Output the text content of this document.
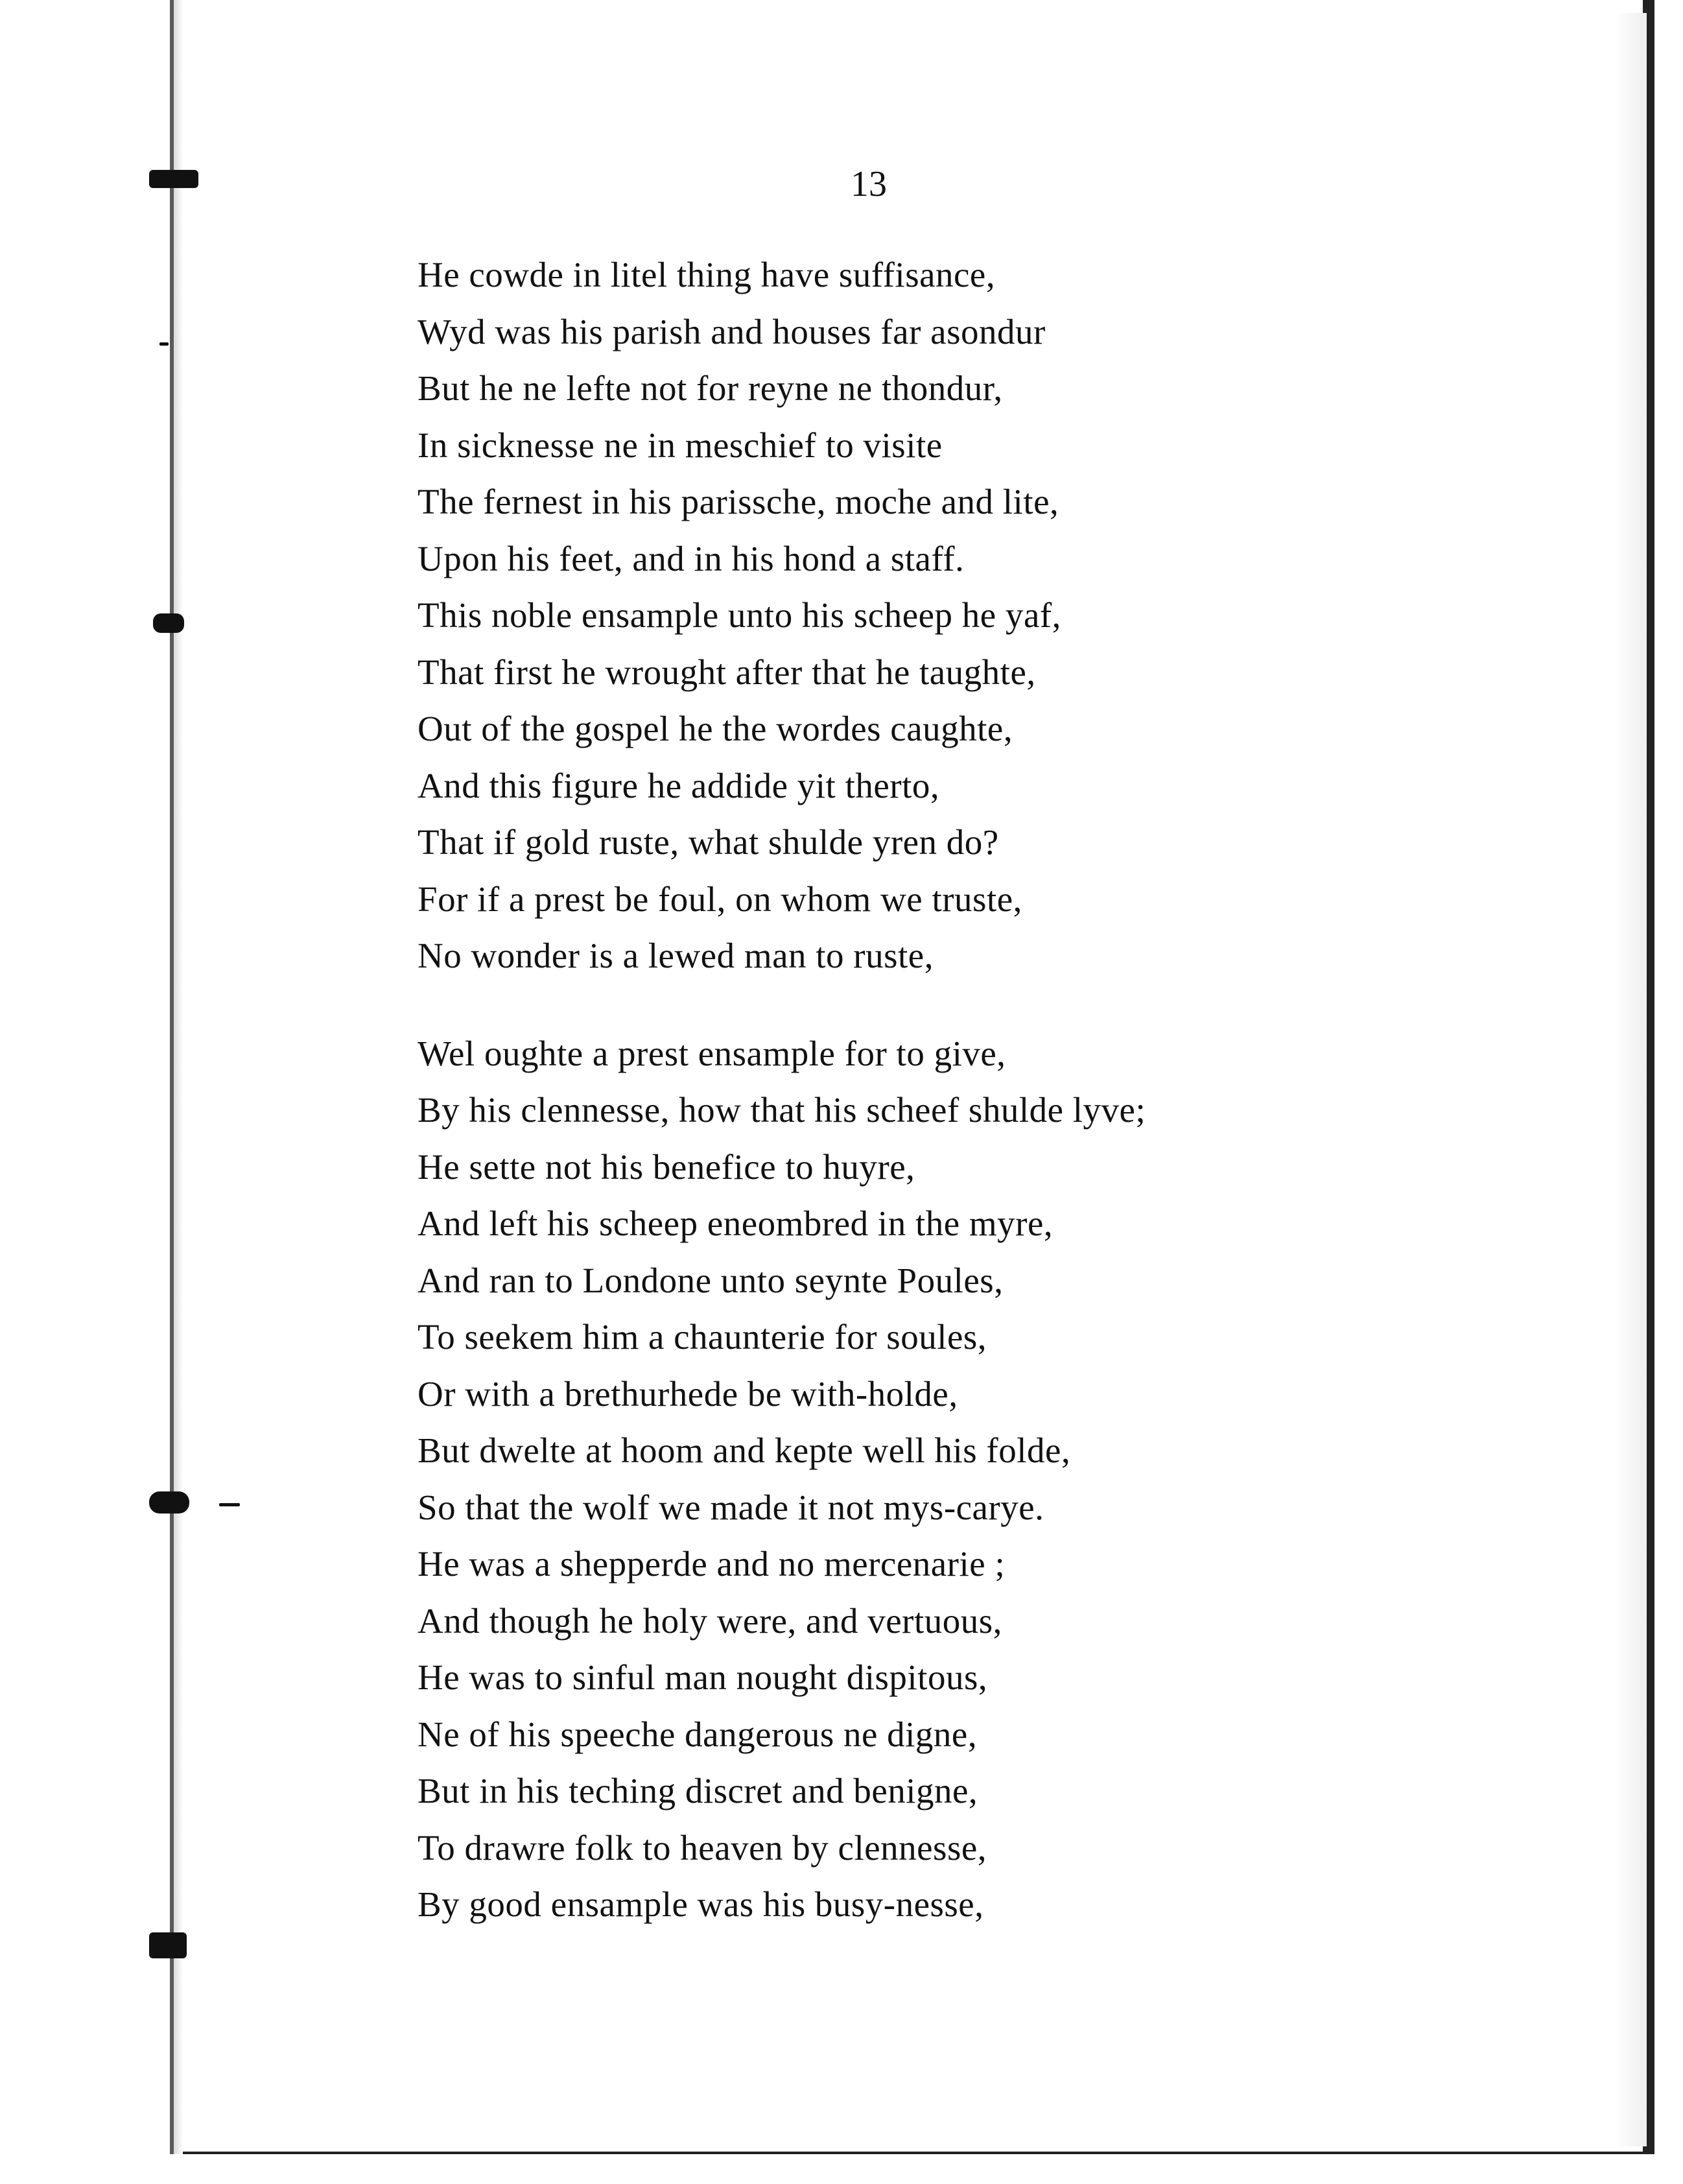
13

He cowde in litel thing have suffisance,
Wyd was his parish and houses far asondur
But he ne lefte not for reyne ne thondur,
In sicknesse ne in meschief to visite
The fernest in his parissche, moche and lite,
Upon his feet, and in his hond a staff.
This noble ensample unto his scheep he yaf,
That first he wrought after that he taughte,
Out of the gospel he the wordes caughte,
And this figure he addide yit therto,
That if gold ruste, what shulde yren do?
For if a prest be foul, on whom we truste,
No wonder is a lewed man to ruste,
Wel oughte a prest ensample for to give,
By his clennesse, how that his scheef shulde lyve;
He sette not his benefice to huyre,
And left his scheep eneombred in the myre,
And ran to Londone unto seynte Poules,
To seekem him a chaunterie for soules,
Or with a brethurhede be with-holde,
But dwelte at hoom and kepte well his folde,
So that the wolf we made it not mys-carye.
He was a shepperde and no mercenarie ;
And though he holy were, and vertuous,
He was to sinful man nought dispitous,
Ne of his speeche dangerous ne digne,
But in his teching discret and benigne,
To drawre folk to heaven by clennesse,
By good ensample was his busy-nesse,
